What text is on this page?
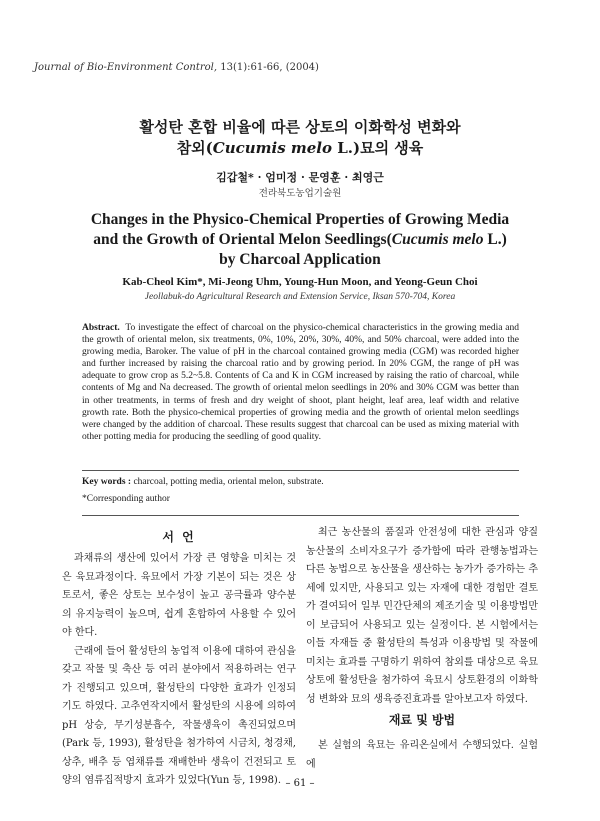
Journal of Bio-Environment Control, 13(1):61-66, (2004)
활성탄 혼합 비율에 따른 상토의 이화학성 변화와
참외(Cucumis melo L.)묘의 생육
김갑철* · 엄미정 · 문영훈 · 최영근
전라북도농업기술원
Changes in the Physico-Chemical Properties of Growing Media
and the Growth of Oriental Melon Seedlings(Cucumis melo L.)
by Charcoal Application
Kab-Cheol Kim*, Mi-Jeong Uhm, Young-Hun Moon, and Yeong-Geun Choi
Jeollabuk-do Agricultural Research and Extension Service, Iksan 570-704, Korea
Abstract. To investigate the effect of charcoal on the physico-chemical characteristics in the growing media and the growth of oriental melon, six treatments, 0%, 10%, 20%, 30%, 40%, and 50% charcoal, were added into the growing media, Baroker. The value of pH in the charcoal contained growing media (CGM) was recorded higher and further increased by raising the charcoal ratio and by growing period. In 20% CGM, the range of pH was adequate to grow crop as 5.2~5.8. Contents of Ca and K in CGM increased by raising the ratio of charcoal, while contents of Mg and Na decreased. The growth of oriental melon seedlings in 20% and 30% CGM was better than in other treatments, in terms of fresh and dry weight of shoot, plant height, leaf area, leaf width and relative growth rate. Both the physico-chemical properties of growing media and the growth of oriental melon seedlings were changed by the addition of charcoal. These results suggest that charcoal can be used as mixing material with other potting media for producing the seedling of good quality.
Key words : charcoal, potting media, oriental melon, substrate.
*Corresponding author
서 언

과채류의 생산에 있어서 가장 큰 영향을 미치는 것은 육묘과정이다. 육묘에서 가장 기본이 되는 것은 상토로서, 좋은 상토는 보수성이 높고 공극률과 양수분의 유지능력이 높으며, 쉽게 혼합하여 사용할 수 있어야 한다.

근래에 들어 활성탄의 농업적 이용에 대하여 관심을 갖고 작물 및 축산 등 여러 분야에서 적용하려는 연구가 진행되고 있으며, 활성탄의 다양한 효과가 인정되기도 하였다. 고추연작지에서 활성탄의 시용에 의하여 pH 상승, 무기성분흡수, 작물생육이 촉진되었으며(Park 등, 1993), 활성탄을 첨가하여 시금치, 청경채, 상추, 배추 등 엽채류를 재배한바 생육이 건전되고 토양의 염류집적방지 효과가 있었다(Yun 등, 1998).

최근 농산물의 품질과 안전성에 대한 관심과 양질 농산물의 소비자요구가 증가함에 따라 관행농법과는 다른 농법으로 농산물을 생산하는 농가가 증가하는 추세에 있지만, 사용되고 있는 자재에 대한 경험만 결토가 결여되어 일부 민간단체의 제조기술 및 이용방법만이 보급되어 사용되고 있는 실정이다. 본 시험에서는 이들 자재들 중 활성탄의 특성과 이용방법 및 작물에 미치는 효과를 구명하기 위하여 참외를 대상으로 육묘상토에 활성탄을 첨가하여 육묘시 상토환경의 이화학성 변화와 묘의 생육증진효과를 알아보고자 하였다.

재료 및 방법

본 실험의 육묘는 유리온실에서 수행되었다. 실험에

– 61 –
